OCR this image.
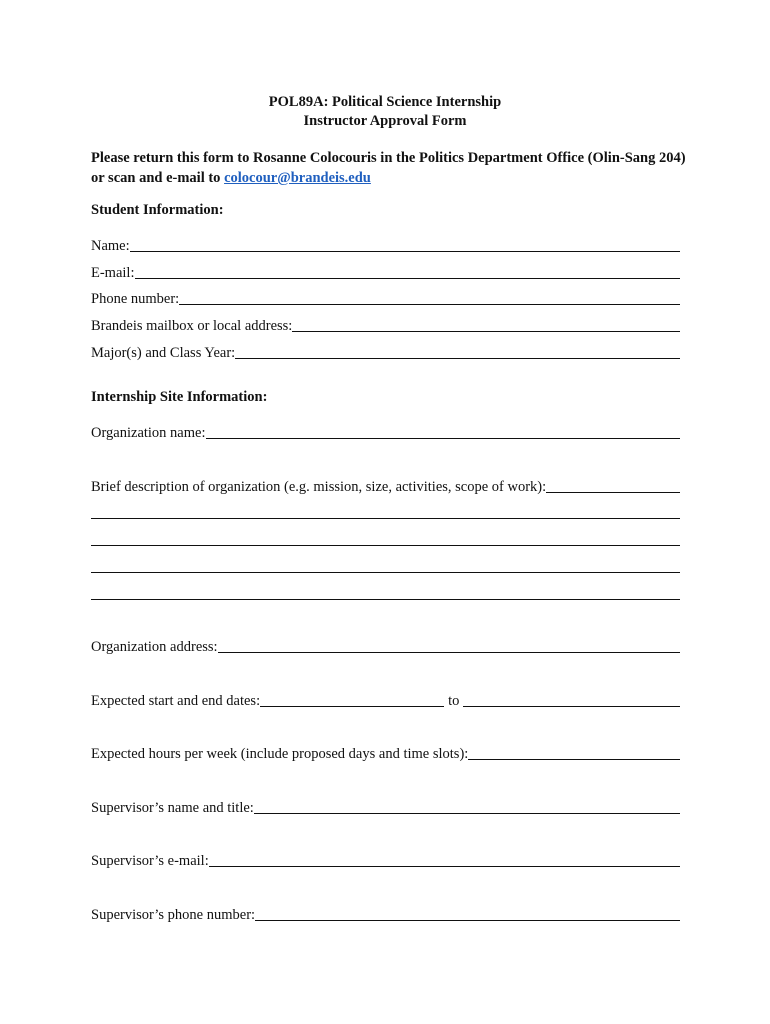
POL89A: Political Science Internship
Instructor Approval Form
Please return this form to Rosanne Colocouris in the Politics Department Office (Olin-Sang 204) or scan and e-mail to colocour@brandeis.edu
Student Information:
Name:
E-mail:
Phone number:
Brandeis mailbox or local address:
Major(s) and Class Year:
Internship Site Information:
Organization name:
Brief description of organization (e.g. mission, size, activities, scope of work):
Organization address:
Expected start and end dates:	to
Expected hours per week (include proposed days and time slots):
Supervisor’s name and title:
Supervisor’s e-mail:
Supervisor’s phone number:
